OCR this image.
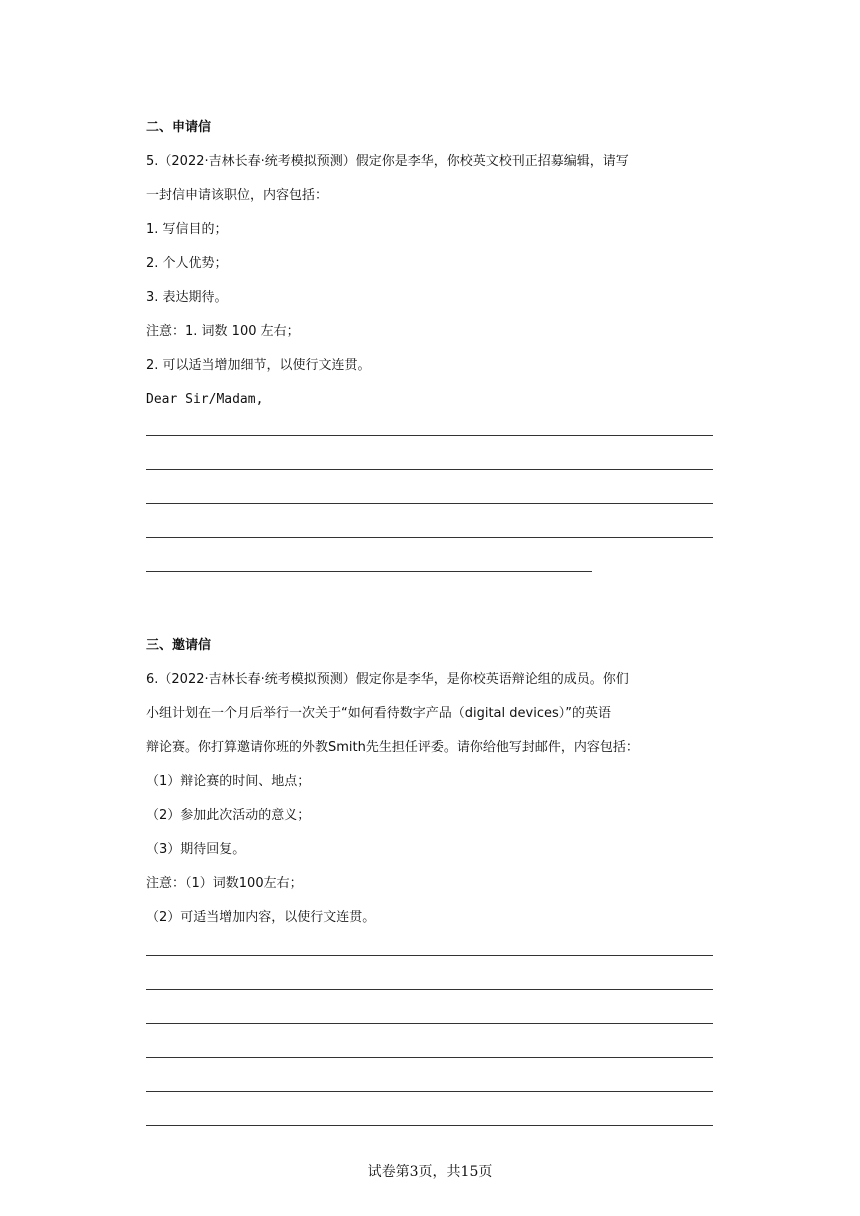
二、申请信
5.（2022·吉林长春·统考模拟预测）假定你是李华，你校英文校刊正招募编辑，请写
一封信申请该职位，内容包括：
1. 写信目的；
2. 个人优势；
3. 表达期待。
注意：1. 词数 100 左右；
2. 可以适当增加细节，以使行文连贯。
Dear Sir/Madam,
三、邀请信
6.（2022·吉林长春·统考模拟预测）假定你是李华，是你校英语辩论组的成员。你们
小组计划在一个月后举行一次关于“如何看待数字产品（digital devices）”的英语
辩论赛。你打算邀请你班的外教Smith先生担任评委。请你给他写封邮件，内容包括：
（1）辩论赛的时间、地点；
（2）参加此次活动的意义；
（3）期待回复。
注意：（1）词数100左右；
（2）可适当增加内容，以使行文连贯。
试卷第3页，共15页
